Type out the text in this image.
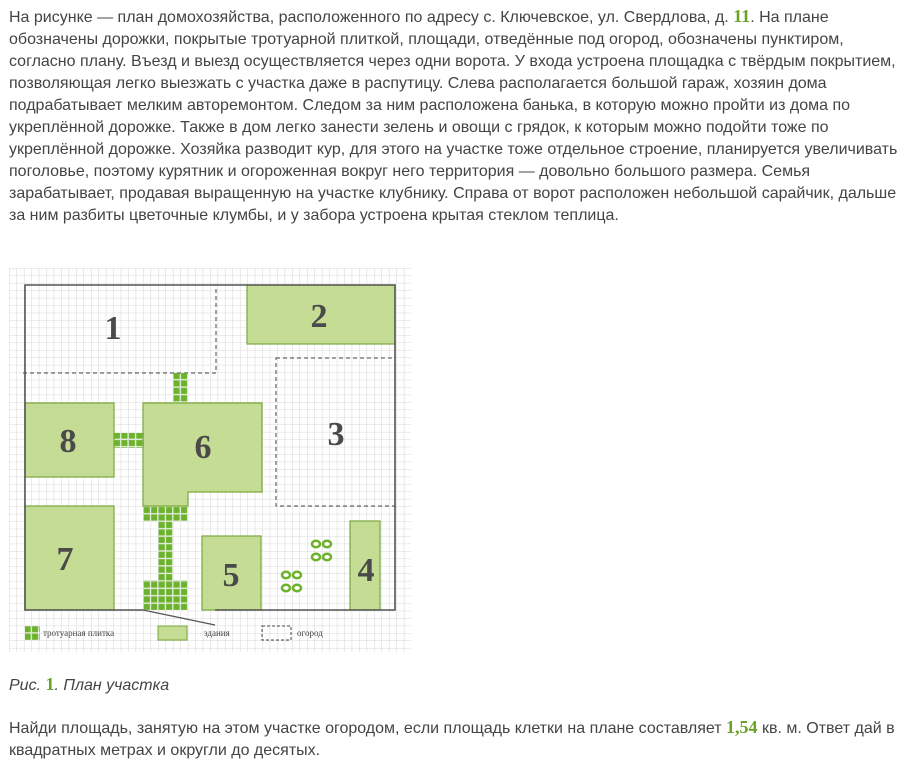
На рисунке — план домохозяйства, расположенного по адресу с. Ключевское, ул. Свердлова, д. 11. На плане обозначены дорожки, покрытые тротуарной плиткой, площади, отведённые под огород, обозначены пунктиром, согласно плану. Въезд и выезд осуществляется через одни ворота. У входа устроена площадка с твёрдым покрытием, позволяющая легко выезжать с участка даже в распутицу. Слева располагается большой гараж, хозяин дома подрабатывает мелким авторемонтом. Следом за ним расположена банька, в которую можно пройти из дома по укреплённой дорожке. Также в дом легко занести зелень и овощи с грядок, к которым можно подойти тоже по укреплённой дорожке. Хозяйка разводит кур, для этого на участке тоже отдельное строение, планируется увеличивать поголовье, поэтому курятник и огороженная вокруг него территория — довольно большого размера. Семья зарабатывает, продавая выращенную на участке клубнику. Справа от ворот расположен небольшой сарайчик, дальше за ним разбиты цветочные клумбы, и у забора устроена крытая стеклом теплица.

1	2
3
4
5
6
7
8
тротуарная плитка	здания	огород

Рис. 1. План участка

Найди площадь, занятую на этом участке огородом, если площадь клетки на плане составляет 1,54 кв. м. Ответ дай в квадратных метрах и округли до десятых.
